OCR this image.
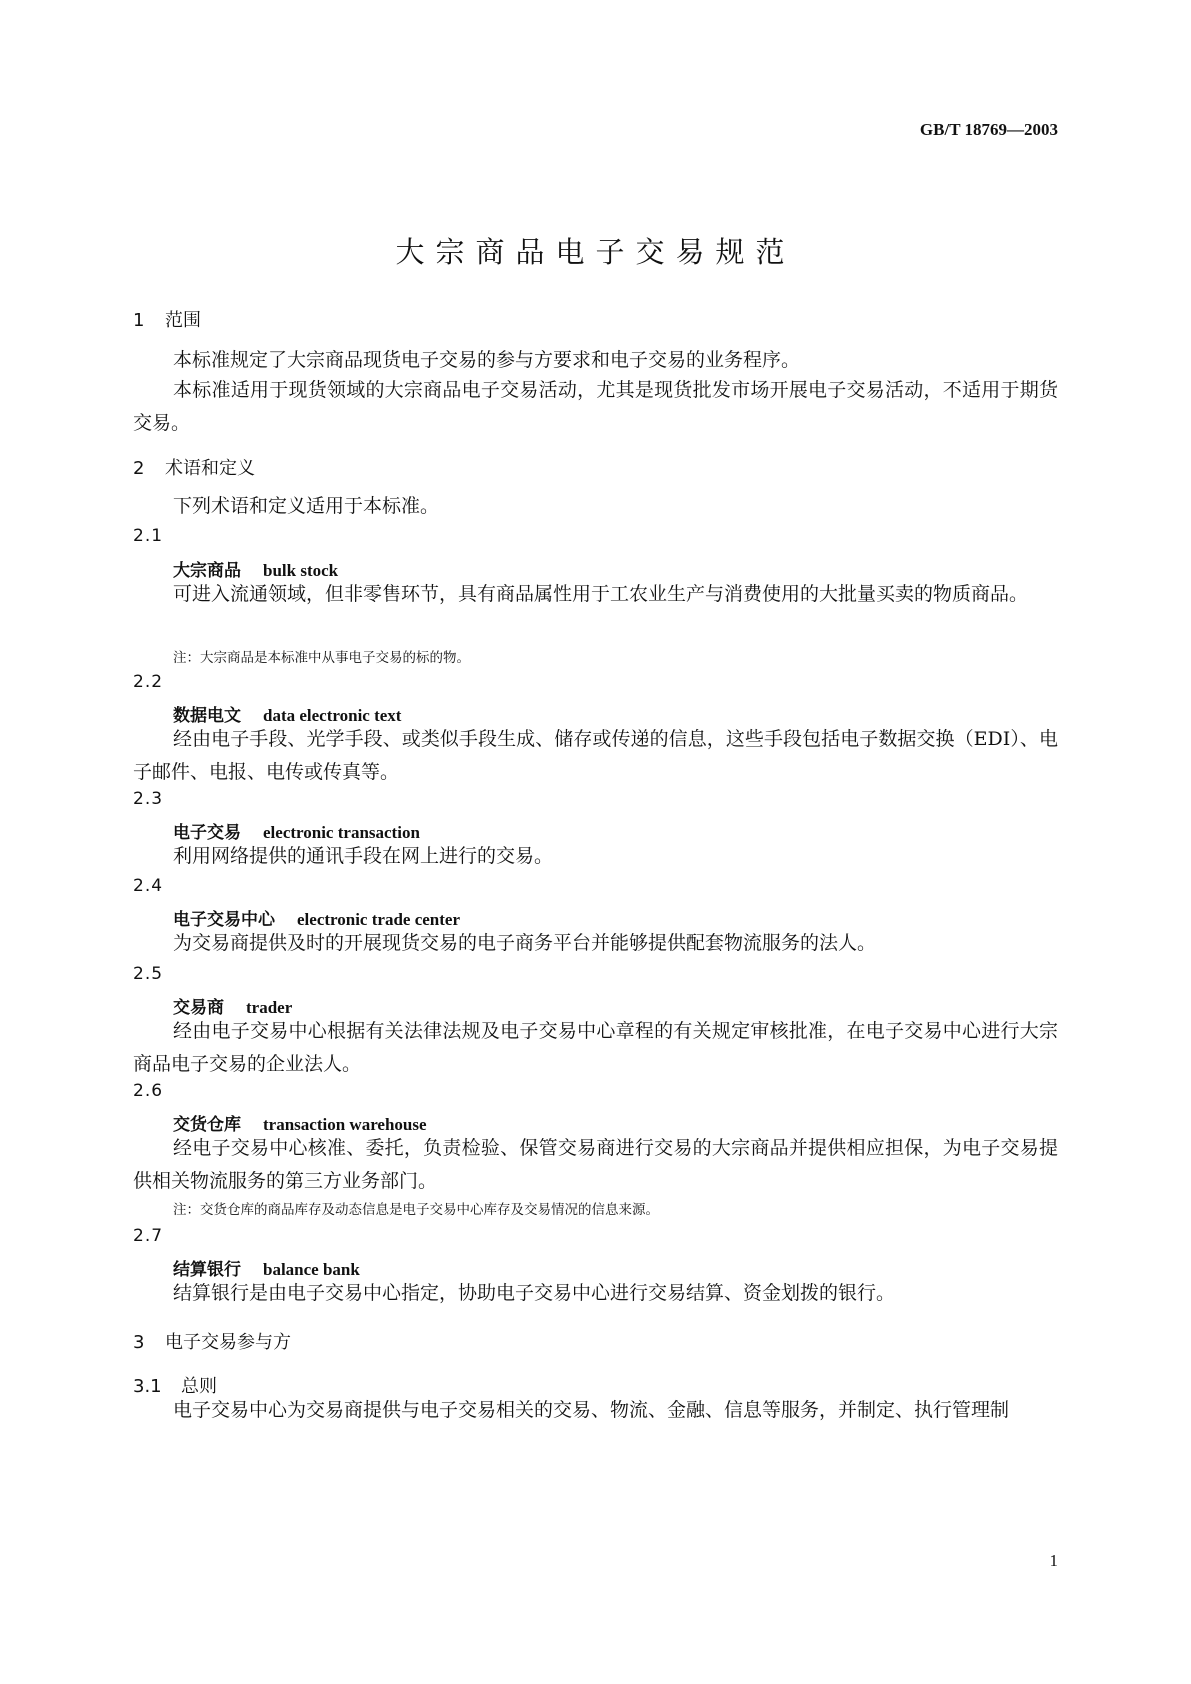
GB/T 18769—2003
大宗商品电子交易规范
1 范围
本标准规定了大宗商品现货电子交易的参与方要求和电子交易的业务程序。
本标准适用于现货领域的大宗商品电子交易活动，尤其是现货批发市场开展电子交易活动，不适用于期货交易。
2 术语和定义
下列术语和定义适用于本标准。
2.1
大宗商品 bulk stock
可进入流通领域，但非零售环节，具有商品属性用于工农业生产与消费使用的大批量买卖的物质商品。
注：大宗商品是本标准中从事电子交易的标的物。
2.2
数据电文 data electronic text
经由电子手段、光学手段、或类似手段生成、储存或传递的信息，这些手段包括电子数据交换（EDI）、电子邮件、电报、电传或传真等。
2.3
电子交易 electronic transaction
利用网络提供的通讯手段在网上进行的交易。
2.4
电子交易中心 electronic trade center
为交易商提供及时的开展现货交易的电子商务平台并能够提供配套物流服务的法人。
2.5
交易商 trader
经由电子交易中心根据有关法律法规及电子交易中心章程的有关规定审核批准，在电子交易中心进行大宗商品电子交易的企业法人。
2.6
交货仓库 transaction warehouse
经电子交易中心核准、委托，负责检验、保管交易商进行交易的大宗商品并提供相应担保，为电子交易提供相关物流服务的第三方业务部门。
注：交货仓库的商品库存及动态信息是电子交易中心库存及交易情况的信息来源。
2.7
结算银行 balance bank
结算银行是由电子交易中心指定，协助电子交易中心进行交易结算、资金划拨的银行。
3 电子交易参与方
3.1 总则
电子交易中心为交易商提供与电子交易相关的交易、物流、金融、信息等服务，并制定、执行管理制
1
